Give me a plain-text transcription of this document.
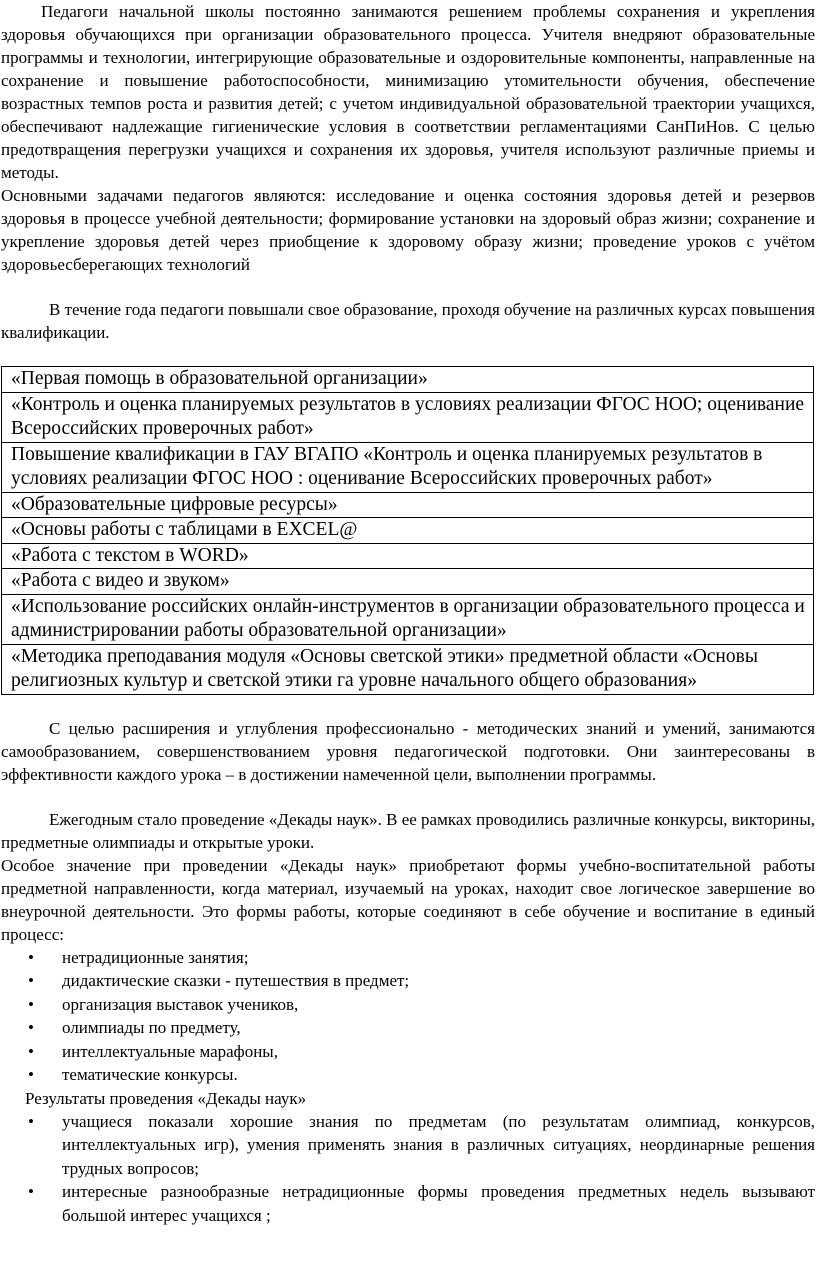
Педагоги начальной школы постоянно занимаются решением проблемы сохранения и укрепления здоровья обучающихся при организации образовательного процесса. Учителя внедряют образовательные программы и технологии, интегрирующие образовательные и оздоровительные компоненты, направленные на сохранение и повышение работоспособности, минимизацию утомительности обучения, обеспечение возрастных темпов роста и развития детей; с учетом индивидуальной образовательной траектории учащихся, обеспечивают надлежащие гигиенические условия в соответствии регламентациями СанПиНов. С целью предотвращения перегрузки учащихся и сохранения их здоровья, учителя используют различные приемы и методы.

Основными задачами педагогов являются: исследование и оценка состояния здоровья детей и резервов здоровья в процессе учебной деятельности; формирование установки на здоровый образ жизни; сохранение и укрепление здоровья детей через приобщение к здоровому образу жизни; проведение уроков с учётом здоровьесберегающих технологий

В течение года педагоги повышали свое образование, проходя обучение на различных курсах повышения квалификации.

«Первая помощь в образовательной организации»
«Контроль и оценка планируемых результатов в условиях реализации ФГОС НОО; оценивание Всероссийских проверочных работ»
Повышение квалификации в ГАУ ВГАПО «Контроль и оценка планируемых результатов в условиях реализации ФГОС НОО : оценивание Всероссийских проверочных работ»
«Образовательные цифровые ресурсы»
«Основы работы с таблицами в EXCEL@
«Работа с текстом в WORD»
«Работа с видео и звуком»
«Использование российских онлайн-инструментов в организации образовательного процесса и администрировании работы образовательной организации»
«Методика преподавания модуля «Основы светской этики» предметной области «Основы религиозных культур и светской этики га уровне начального общего образования»

С целью расширения и углубления профессионально - методических знаний и умений, занимаются самообразованием, совершенствованием уровня педагогической подготовки. Они заинтересованы в эффективности каждого урока – в достижении намеченной цели, выполнении программы.

Ежегодным стало проведение «Декады наук». В ее рамках проводились различные конкурсы, викторины, предметные олимпиады и открытые уроки.

Особое значение при проведении «Декады наук» приобретают формы учебно-воспитательной работы предметной направленности, когда материал, изучаемый на уроках, находит свое логическое завершение во внеурочной деятельности. Это формы работы, которые соединяют в себе обучение и воспитание в единый процесс:

• нетрадиционные занятия;
• дидактические сказки - путешествия в предмет;
• организация выставок учеников,
• олимпиады по предмету,
• интеллектуальные марафоны,
• тематические конкурсы.

Результаты проведения «Декады наук»

• учащиеся показали хорошие знания по предметам (по результатам олимпиад, конкурсов, интеллектуальных игр), умения применять знания в различных ситуациях, неординарные решения трудных вопросов;
• интересные разнообразные нетрадиционные формы проведения предметных недель вызывают большой интерес учащихся ;
